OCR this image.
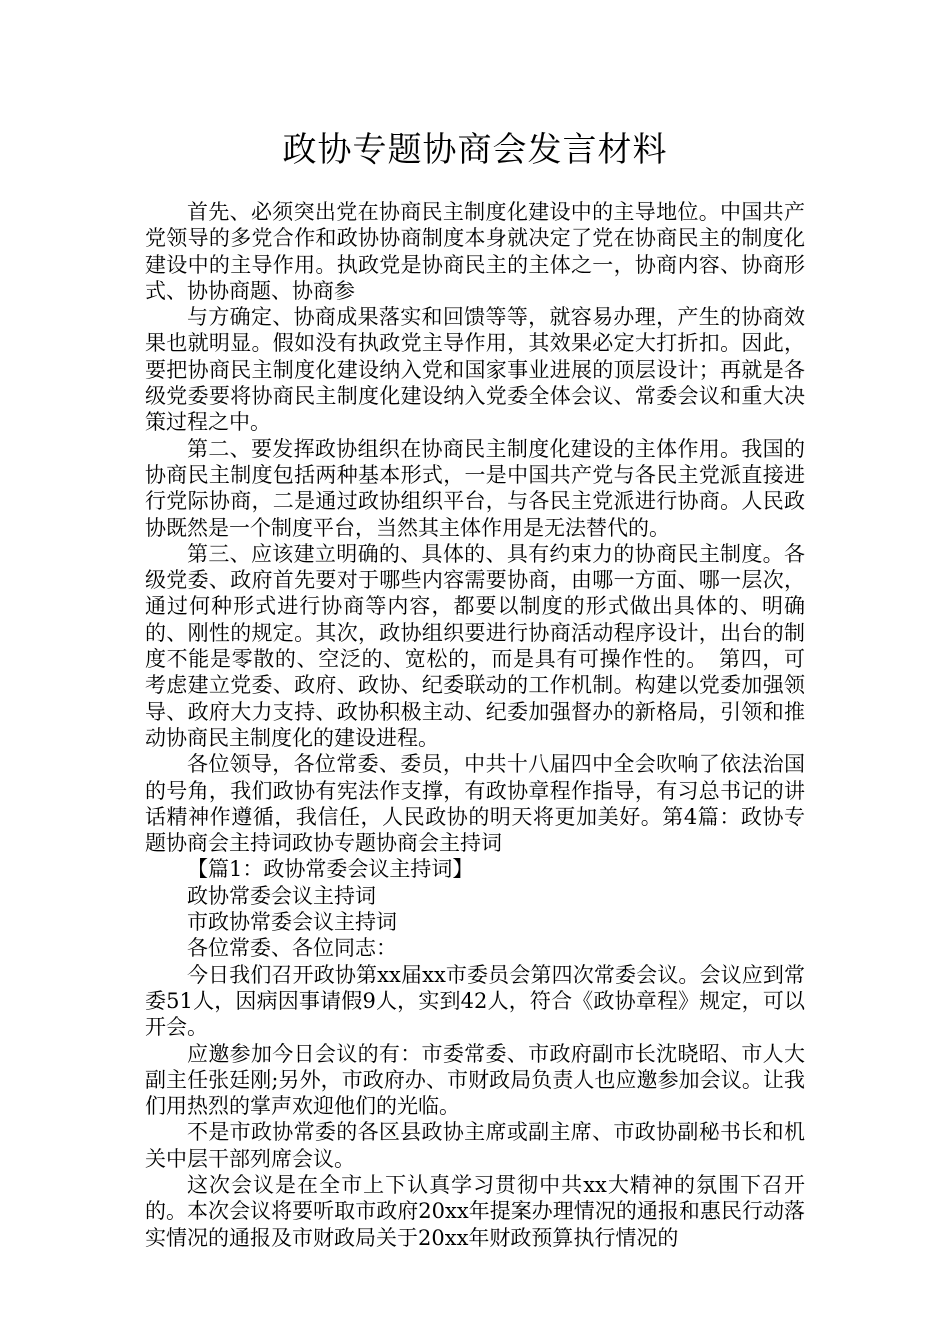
政协专题协商会发言材料

首先、必须突出党在协商民主制度化建设中的主导地位。中国共产党领导的多党合作和政协协商制度本身就决定了党在协商民主的制度化建设中的主导作用。执政党是协商民主的主体之一，协商内容、协商形式、协协商题、协商参

与方确定、协商成果落实和回馈等等，就容易办理，产生的协商效果也就明显。假如没有执政党主导作用，其效果必定大打折扣。因此，要把协商民主制度化建设纳入党和国家事业进展的顶层设计；再就是各级党委要将协商民主制度化建设纳入党委全体会议、常委会议和重大决策过程之中。

第二、要发挥政协组织在协商民主制度化建设的主体作用。我国的协商民主制度包括两种基本形式，一是中国共产党与各民主党派直接进行党际协商，二是通过政协组织平台，与各民主党派进行协商。人民政协既然是一个制度平台，当然其主体作用是无法替代的。

第三、应该建立明确的、具体的、具有约束力的协商民主制度。各级党委、政府首先要对于哪些内容需要协商，由哪一方面、哪一层次，通过何种形式进行协商等内容，都要以制度的形式做出具体的、明确的、刚性的规定。其次，政协组织要进行协商活动程序设计，出台的制度不能是零散的、空泛的、宽松的，而是具有可操作性的。　第四，可考虑建立党委、政府、政协、纪委联动的工作机制。构建以党委加强领导、政府大力支持、政协积极主动、纪委加强督办的新格局，引领和推动协商民主制度化的建设进程。

各位领导，各位常委、委员，中共十八届四中全会吹响了依法治国的号角，我们政协有宪法作支撑，有政协章程作指导，有习总书记的讲话精神作遵循，我信任，人民政协的明天将更加美好。第4篇：政协专题协商会主持词政协专题协商会主持词

【篇1：政协常委会议主持词】

政协常委会议主持词

市政协常委会议主持词

各位常委、各位同志：

今日我们召开政协第xx届xx市委员会第四次常委会议。会议应到常委51人，因病因事请假9人，实到42人，符合《政协章程》规定，可以开会。

应邀参加今日会议的有：市委常委、市政府副市长沈晓昭、市人大副主任张廷刚;另外，市政府办、市财政局负责人也应邀参加会议。让我们用热烈的掌声欢迎他们的光临。

不是市政协常委的各区县政协主席或副主席、市政协副秘书长和机关中层干部列席会议。

这次会议是在全市上下认真学习贯彻中共xx大精神的氛围下召开的。本次会议将要听取市政府20xx年提案办理情况的通报和惠民行动落实情况的通报及市财政局关于20xx年财政预算执行情况的
